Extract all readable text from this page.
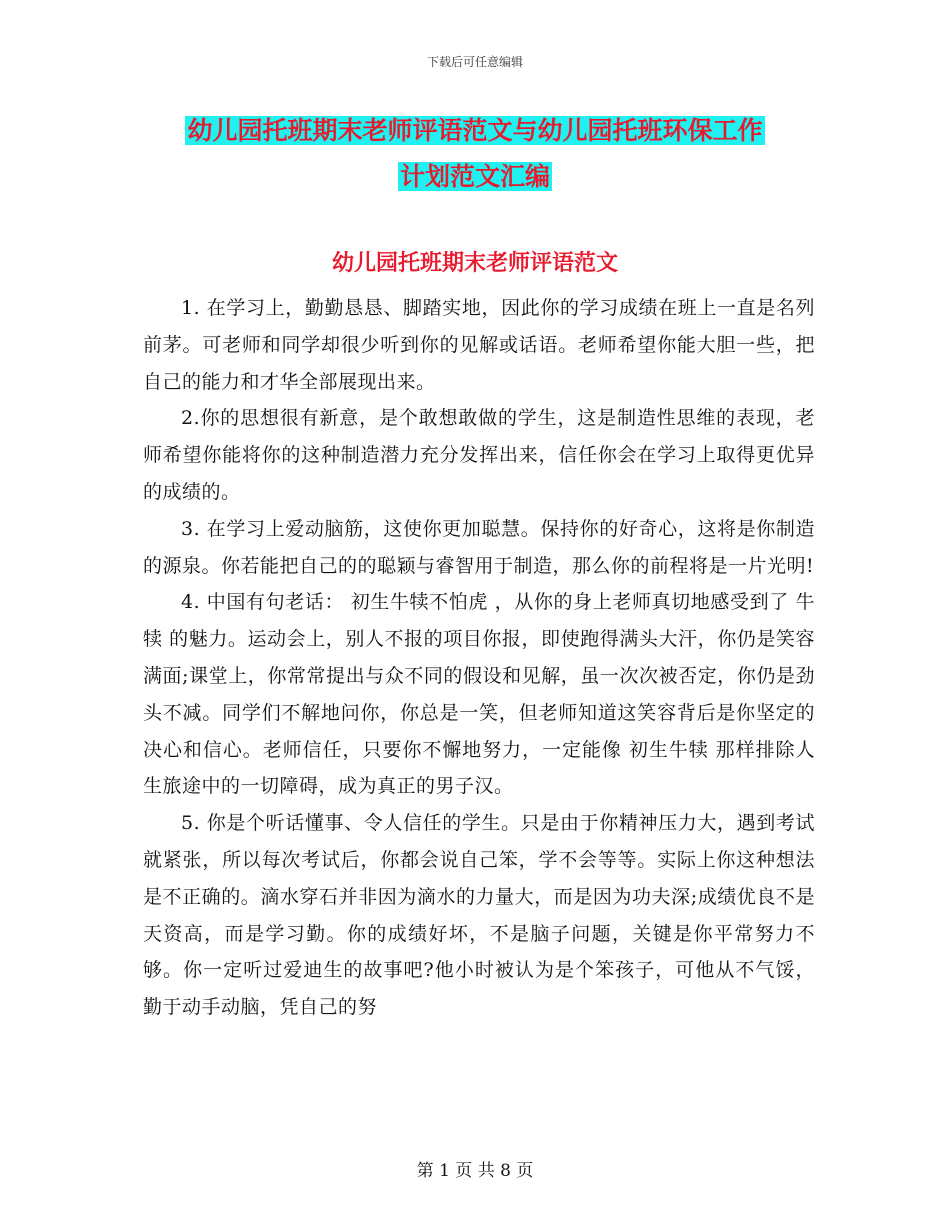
下载后可任意编辑
幼儿园托班期末老师评语范文与幼儿园托班环保工作
计划范文汇编
幼儿园托班期末老师评语范文

1. 在学习上，勤勤恳恳、脚踏实地，因此你的学习成绩在班上一直是名列前茅。可老师和同学却很少听到你的见解或话语。老师希望你能大胆一些，把自己的能力和才华全部展现出来。

2.你的思想很有新意，是个敢想敢做的学生，这是制造性思维的表现，老师希望你能将你的这种制造潜力充分发挥出来，信任你会在学习上取得更优异的成绩的。

3. 在学习上爱动脑筋，这使你更加聪慧。保持你的好奇心，这将是你制造的源泉。你若能把自己的的聪颖与睿智用于制造，那么你的前程将是一片光明!

4. 中国有句老话： 初生牛犊不怕虎 ，从你的身上老师真切地感受到了 牛犊 的魅力。运动会上，别人不报的项目你报，即使跑得满头大汗，你仍是笑容满面;课堂上，你常常提出与众不同的假设和见解，虽一次次被否定，你仍是劲头不减。同学们不解地问你，你总是一笑，但老师知道这笑容背后是你坚定的决心和信心。老师信任，只要你不懈地努力，一定能像 初生牛犊 那样排除人生旅途中的一切障碍，成为真正的男子汉。

5. 你是个听话懂事、令人信任的学生。只是由于你精神压力大，遇到考试就紧张，所以每次考试后，你都会说自己笨，学不会等等。实际上你这种想法是不正确的。滴水穿石并非因为滴水的力量大，而是因为功夫深;成绩优良不是天资高，而是学习勤。你的成绩好坏，不是脑子问题，关键是你平常努力不够。你一定听过爱迪生的故事吧?他小时被认为是个笨孩子，可他从不气馁，勤于动手动脑，凭自己的努

第 1 页 共 8 页
